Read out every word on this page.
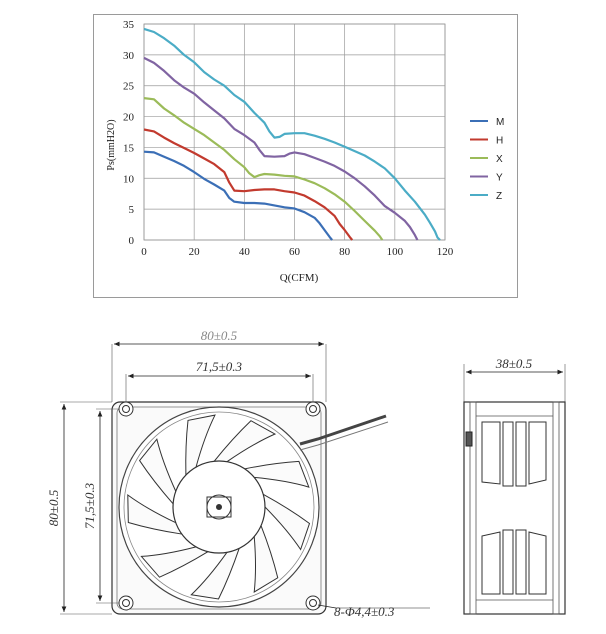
0	20	40	60	80	100	120
0
5
10
15
20
25
30
35
M
H
X
Y
Z
Q(CFM)
Ps(mmH2O)
80±0.5
71,5±0.3
80±0.5 71,5±0.3
8-Φ4,4±0.3
38±0.5
